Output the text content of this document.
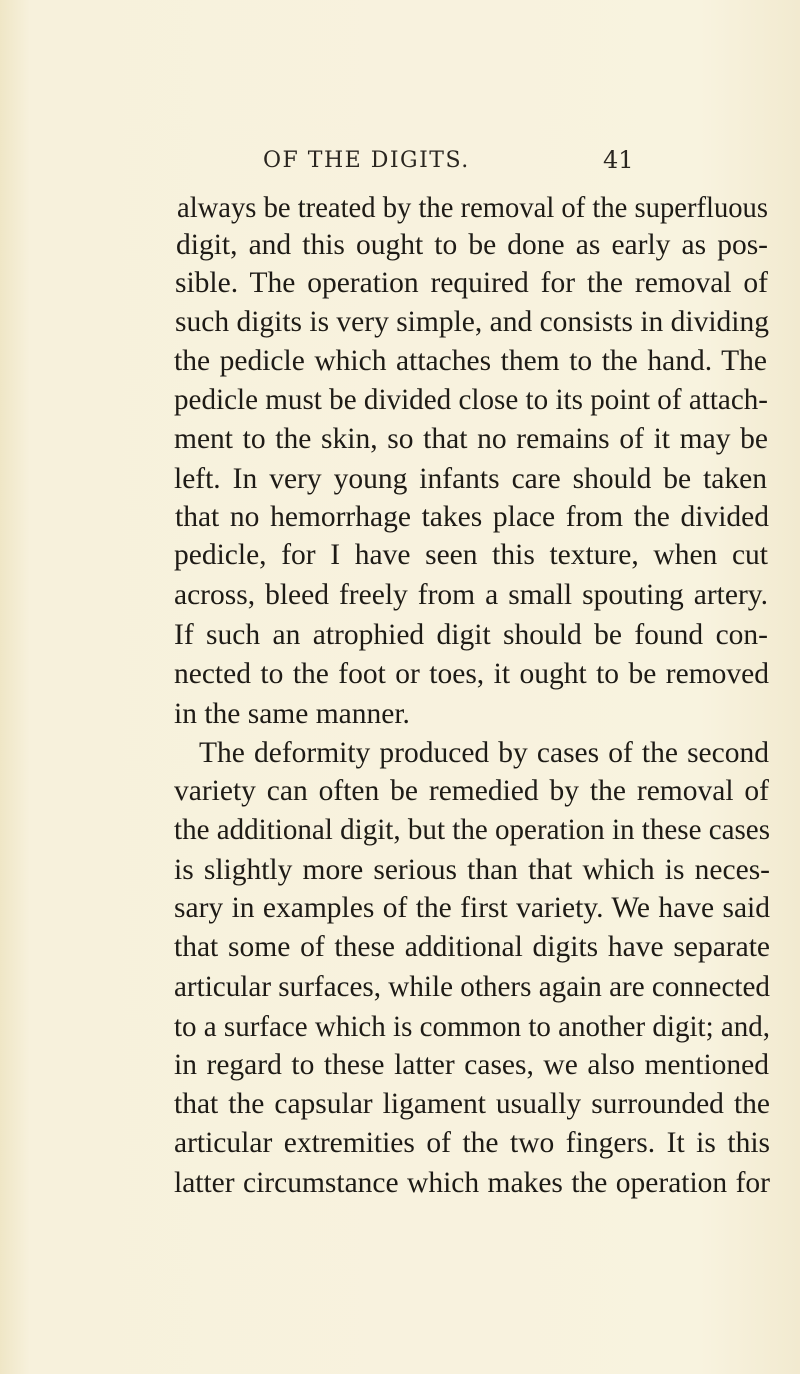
OF THE DIGITS.	41
always be treated by the removal of the superfluous
digit, and this ought to be done as early as pos-
sible. The operation required for the removal of
such digits is very simple, and consists in dividing
the pedicle which attaches them to the hand. The
pedicle must be divided close to its point of attach-
ment to the skin, so that no remains of it may be
left. In very young infants care should be taken
that no hemorrhage takes place from the divided
pedicle, for I have seen this texture, when cut
across, bleed freely from a small spouting artery.
If such an atrophied digit should be found con-
nected to the foot or toes, it ought to be removed
in the same manner.
The deformity produced by cases of the second
variety can often be remedied by the removal of
the additional digit, but the operation in these cases
is slightly more serious than that which is neces-
sary in examples of the first variety. We have said
that some of these additional digits have separate
articular surfaces, while others again are connected
to a surface which is common to another digit; and,
in regard to these latter cases, we also mentioned
that the capsular ligament usually surrounded the
articular extremities of the two fingers. It is this
latter circumstance which makes the operation for
